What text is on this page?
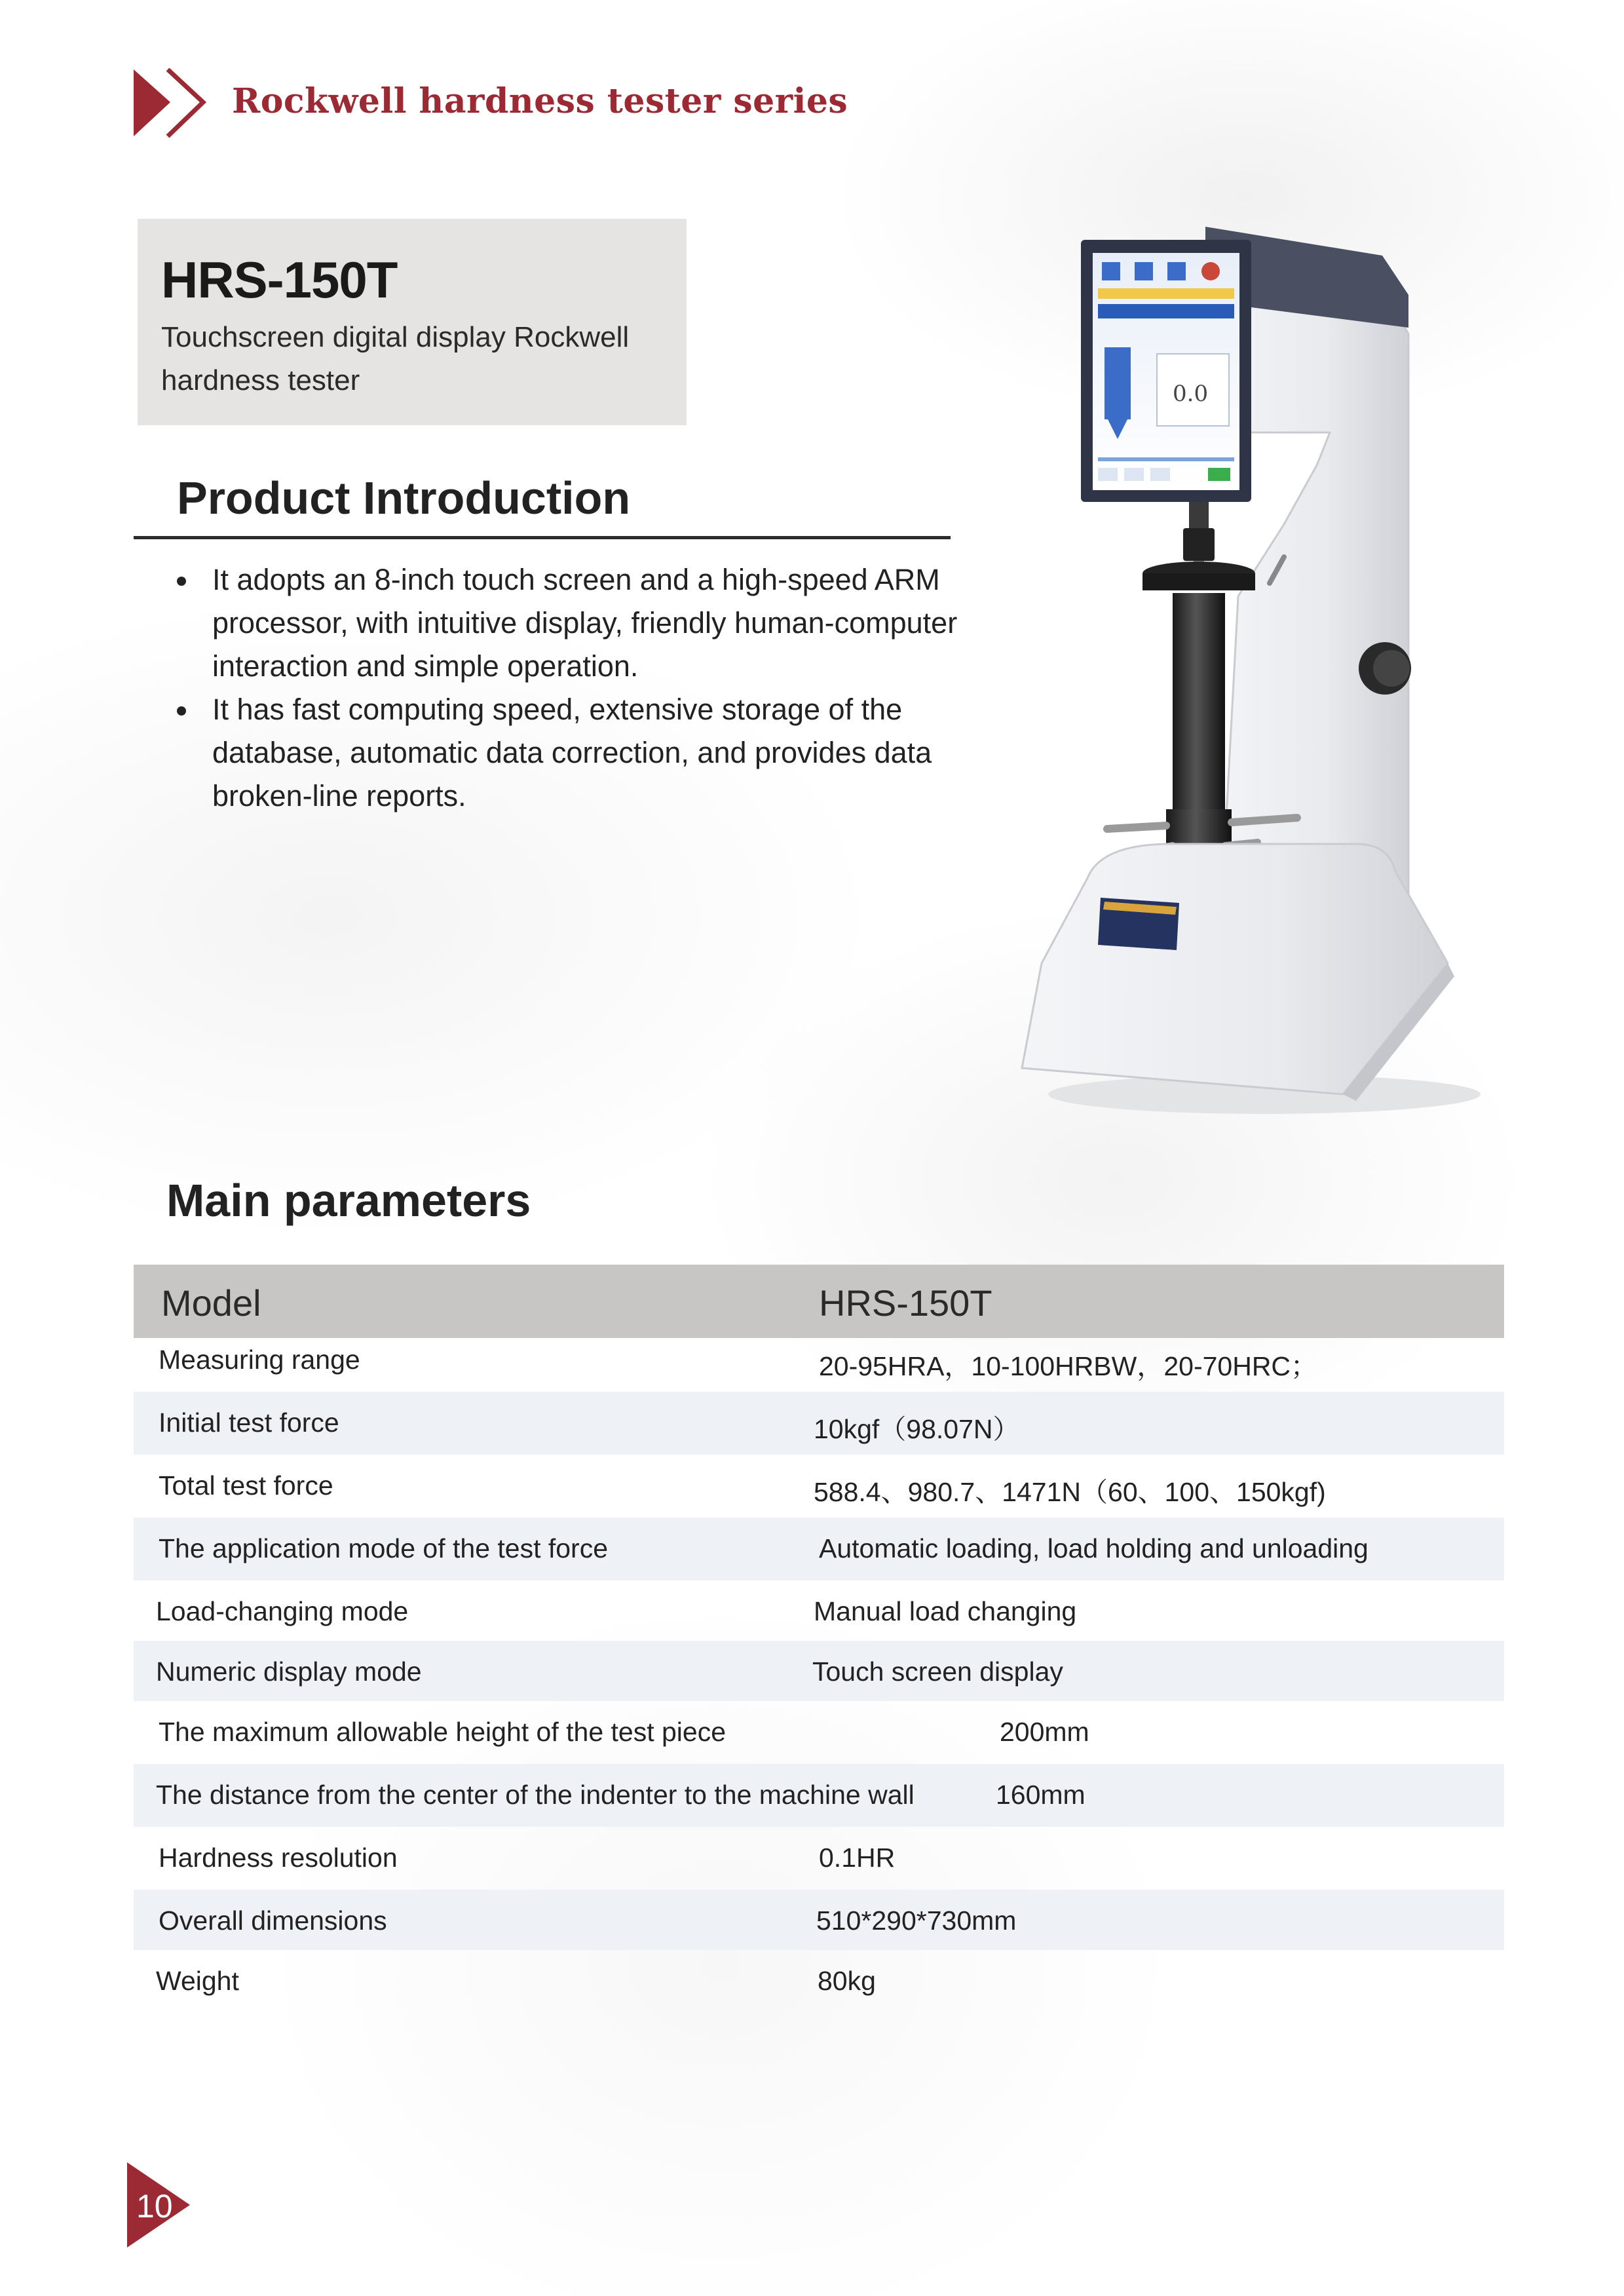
Rockwell hardness tester series
HRS-150T
Touchscreen digital display Rockwell
hardness tester
Product Introduction
It adopts an 8-inch touch screen and a high-speed ARM processor, with intuitive display, friendly human-computer interaction and simple operation.
It has fast computing speed, extensive storage of the database, automatic data correction, and provides data broken-line reports.
0.0
Main parameters
Model	HRS-150T
Measuring range	20-95HRA，10-100HRBW，20-70HRC；
Initial test force	10kgf（98.07N）
Total test force	588.4、980.7、1471N（60、100、150kgf)
The application mode of the test force	Automatic loading, load holding and unloading
Load-changing mode	Manual load changing
Numeric display mode	Touch screen display
The maximum allowable height of the test piece	200mm
The distance from the center of the indenter to the machine wall	160mm
Hardness resolution	0.1HR
Overall dimensions	510*290*730mm
Weight	80kg
10
